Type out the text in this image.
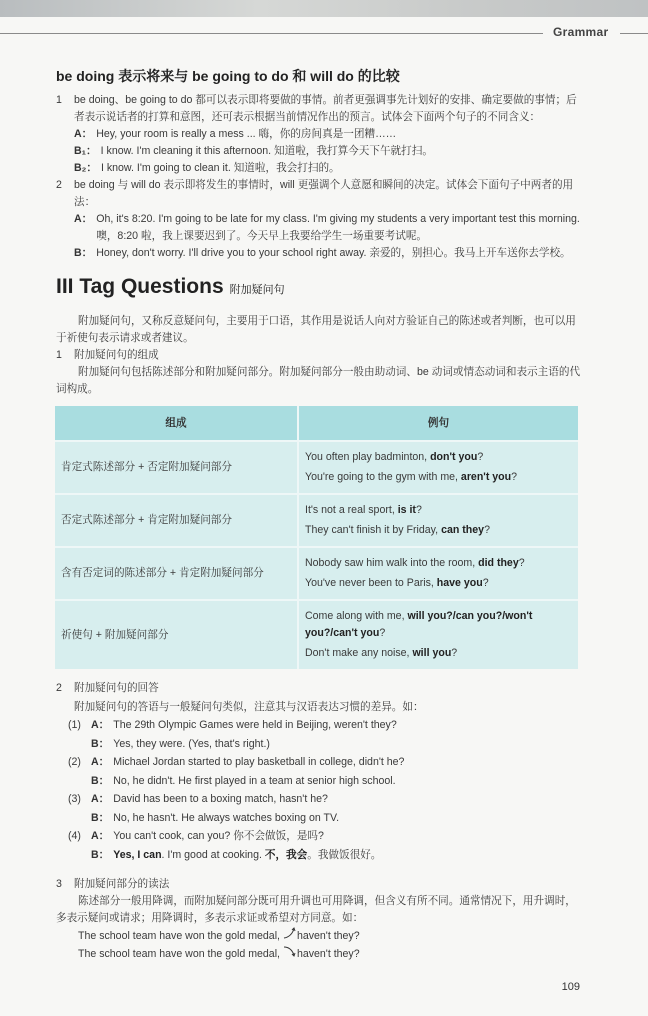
Grammar
be doing 表示将来与 be going to do 和 will do 的比较
1	be doing、be going to do 都可以表示即将要做的事情。前者更强调事先计划好的安排、确定要做的事情；后者表示说话者的打算和意图，还可表示根据当前情况作出的预言。试体会下面两个句子的不同含义：
A： Hey, your room is really a mess ... 嗨，你的房间真是一团糟……
B₁： I know. I'm cleaning it this afternoon. 知道啦，我打算今天下午就打扫。
B₂： I know. I'm going to clean it. 知道啦，我会打扫的。
2	be doing 与 will do 表示即将发生的事情时，will 更强调个人意愿和瞬间的决定。试体会下面句子中两者的用法：
A： Oh, it's 8:20. I'm going to be late for my class. I'm giving my students a very important test this morning. 噢，8:20 啦，我上课要迟到了。今天早上我要给学生一场重要考试呢。
B： Honey, don't worry. I'll drive you to your school right away. 亲爱的，别担心。我马上开车送你去学校。
III Tag Questions 附加疑问句
附加疑问句，又称反意疑问句，主要用于口语，其作用是说话人向对方验证自己的陈述或者判断，也可以用于祈使句表示请求或者建议。
1	附加疑问句的组成
附加疑问句包括陈述部分和附加疑问部分。附加疑问部分一般由助动词、be 动词或情态动词和表示主语的代词构成。
组成	例句
肯定式陈述部分 + 否定附加疑问部分	You often play badminton, don't you?
You're going to the gym with me, aren't you?

否定式陈述部分 + 肯定附加疑问部分	It's not a real sport, is it?
They can't finish it by Friday, can they?

含有否定词的陈述部分 + 肯定附加疑问部分	Nobody saw him walk into the room, did they?
You've never been to Paris, have you?

祈使句 + 附加疑问部分	Come along with me, will you?/can you?/won't you?/can't you?
Don't make any noise, will you?
2	附加疑问句的回答
附加疑问句的答语与一般疑问句类似，注意其与汉语表达习惯的差异。如：
(1) A： The 29th Olympic Games were held in Beijing, weren't they?
B： Yes, they were. (Yes, that's right.)
(2) A： Michael Jordan started to play basketball in college, didn't he?
B： No, he didn't. He first played in a team at senior high school.
(3) A： David has been to a boxing match, hasn't he?
B： No, he hasn't. He always watches boxing on TV.
(4) A： You can't cook, can you? 你不会做饭，是吗?
B： Yes, I can. I'm good at cooking. 不，我会。我做饭很好。
3	附加疑问部分的读法
陈述部分一般用降调，而附加疑问部分既可用升调也可用降调，但含义有所不同。通常情况下，用升调时，多表示疑问或请求；用降调时，多表示求证或希望对方同意。如：
The school team have won the gold medal, haven't they?
The school team have won the gold medal, haven't they?
109
